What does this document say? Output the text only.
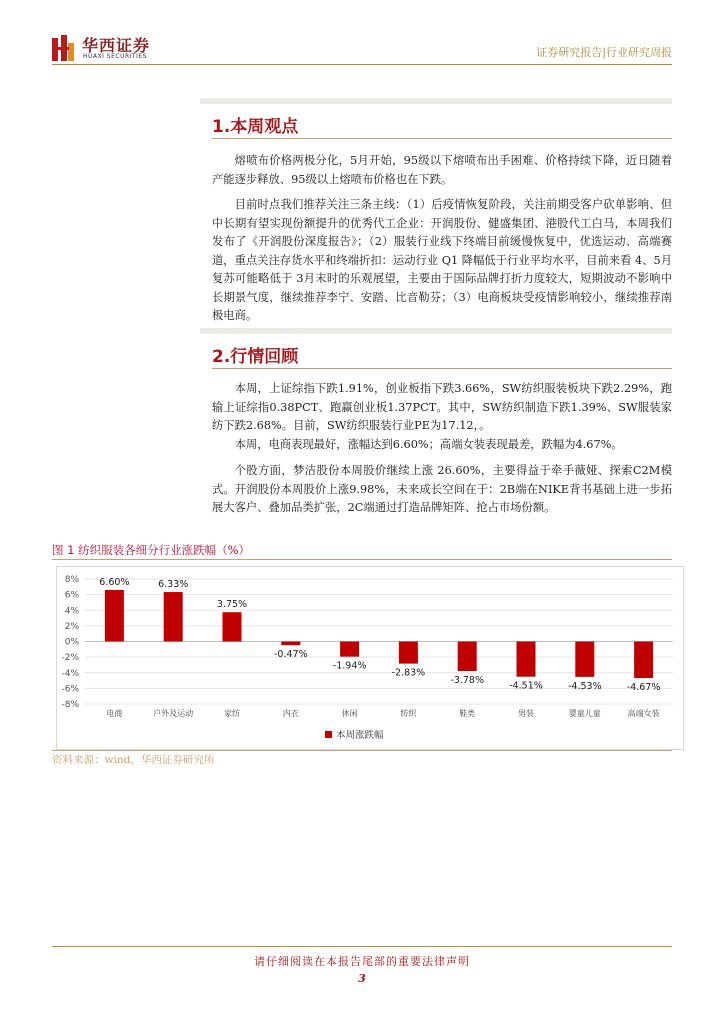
华西证券
HUAXI SECURITIES	证券研究报告|行业研究周报
1.本周观点
熔喷布价格两极分化，5月开始，95级以下熔喷布出手困难、价格持续下降，近日随着产能逐步释放、95级以上熔喷布价格也在下跌。
目前时点我们推荐关注三条主线：（1）后疫情恢复阶段，关注前期受客户砍单影响、但中长期有望实现份额提升的优秀代工企业：开润股份、健盛集团、港股代工白马，本周我们发布了《开润股份深度报告》；（2）服装行业线下终端目前缓慢恢复中，优选运动、高端赛道，重点关注存货水平和终端折扣：运动行业 Q1 降幅低于行业平均水平，目前来看 4、5月复苏可能略低于 3月末时的乐观展望，主要由于国际品牌打折力度较大，短期波动不影响中长期景气度，继续推荐李宁、安踏、比音勒芬；（3）电商板块受疫情影响较小，继续推荐南极电商。
2.行情回顾
本周，上证综指下跌1.91%，创业板指下跌3.66%，SW纺织服装板块下跌2.29%，跑输上证综指0.38PCT、跑赢创业板1.37PCT。其中，SW纺织制造下跌1.39%、SW服装家纺下跌2.68%。目前，SW纺织服装行业PE为17.12，。
本周，电商表现最好，涨幅达到6.60%；高端女装表现最差，跌幅为4.67%。
个股方面，梦洁股份本周股价继续上涨 26.60%，主要得益于牵手薇娅、探索C2M模式。开润股份本周股价上涨9.98%，未来成长空间在于：2B端在NIKE背书基础上进一步拓展大客户、叠加品类扩张，2C端通过打造品牌矩阵、抢占市场份额。
图 1 纺织服装各细分行业涨跌幅（%）
8%
6%
4%
2%
0%
-2%
-4%
-6%
-8%
6.60%
电商
6.33%
户外及运动
3.75%
家纺
-0.47%
内衣
-1.94%
休闲
-2.83%
纺织
-3.78%
鞋类
-4.51%
男装
-4.53%
婴童儿童
-4.67%
高端女装
本周涨跌幅
资料来源：wind，华西证券研究所
请仔细阅读在本报告尾部的重要法律声明
3
